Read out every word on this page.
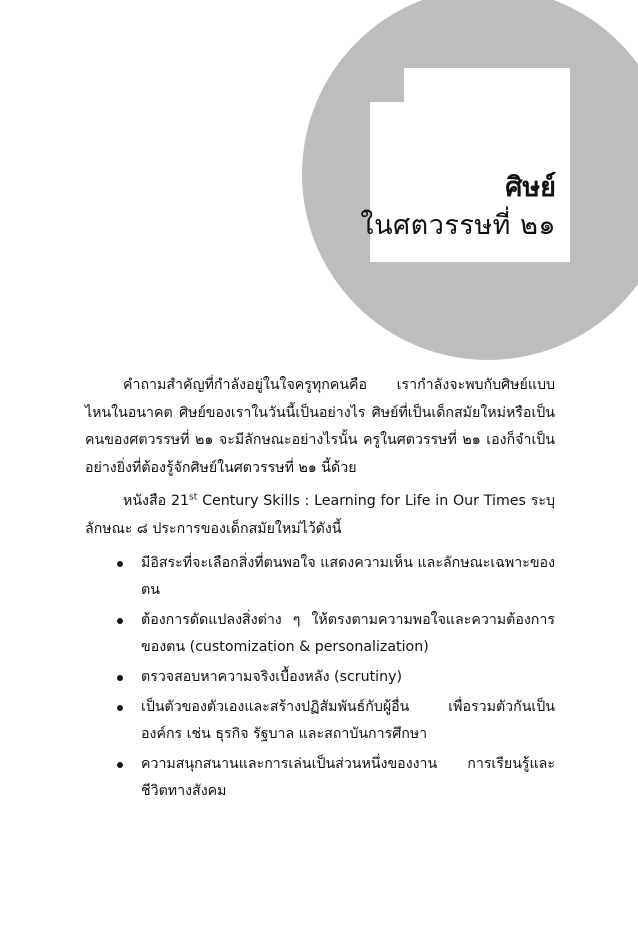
ศิษย์
ในศตวรรษที่ ๒๑

คำถามสำคัญที่กำลังอยู่ในใจครูทุกคนคือ เรากำลังจะพบกับศิษย์แบบไหนในอนาคต ศิษย์ของเราในวันนี้เป็นอย่างไร ศิษย์ที่เป็นเด็กสมัยใหม่หรือเป็นคนของศตวรรษที่ ๒๑ จะมีลักษณะอย่างไรนั้น ครูในศตวรรษที่ ๒๑ เองก็จำเป็นอย่างยิ่งที่ต้องรู้จักศิษย์ในศตวรรษที่ ๒๑ นี้ด้วย

หนังสือ 21st Century Skills : Learning for Life in Our Times ระบุลักษณะ ๘ ประการของเด็กสมัยใหม่ไว้ดังนี้

มีอิสระที่จะเลือกสิ่งที่ตนพอใจ แสดงความเห็น และลักษณะเฉพาะของตน
ต้องการดัดแปลงสิ่งต่าง ๆ ให้ตรงตามความพอใจและความต้องการของตน (customization & personalization)
ตรวจสอบหาความจริงเบื้องหลัง (scrutiny)
เป็นตัวของตัวเองและสร้างปฏิสัมพันธ์กับผู้อื่น เพื่อรวมตัวกันเป็นองค์กร เช่น ธุรกิจ รัฐบาล และสถาบันการศึกษา
ความสนุกสนานและการเล่นเป็นส่วนหนึ่งของงาน การเรียนรู้และชีวิตทางสังคม
